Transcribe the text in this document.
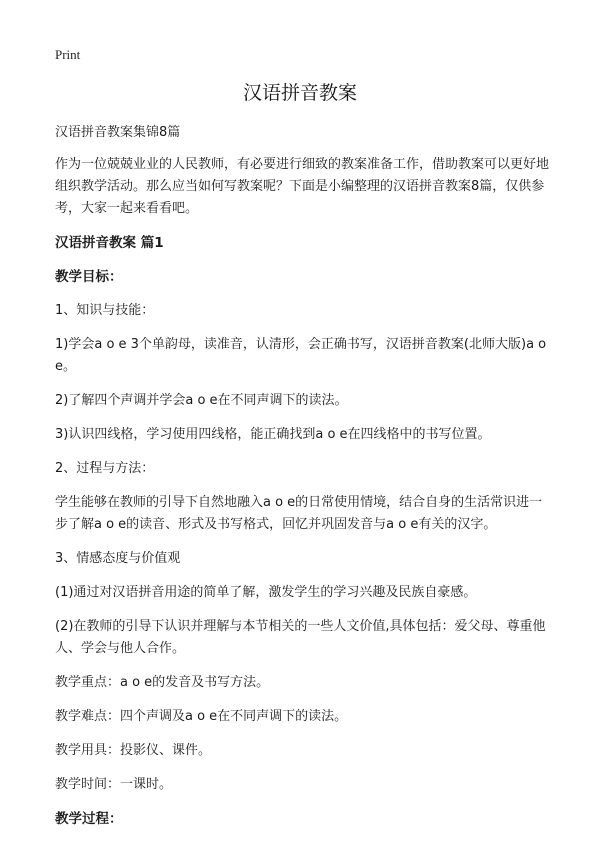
Print
汉语拼音教案

汉语拼音教案集锦8篇

作为一位兢兢业业的人民教师，有必要进行细致的教案准备工作，借助教案可以更好地组织教学活动。那么应当如何写教案呢？下面是小编整理的汉语拼音教案8篇，仅供参考，大家一起来看看吧。

汉语拼音教案 篇1

教学目标：

1、知识与技能：

1)学会a o e 3个单韵母，读准音，认清形，会正确书写，汉语拼音教案(北师大版)a o e。

2)了解四个声调并学会a o e在不同声调下的读法。

3)认识四线格，学习使用四线格，能正确找到a o e在四线格中的书写位置。

2、过程与方法：

学生能够在教师的引导下自然地融入a o e的日常使用情境，结合自身的生活常识进一步了解a o e的读音、形式及书写格式，回忆并巩固发音与a o e有关的汉字。

3、情感态度与价值观

(1)通过对汉语拼音用途的简单了解，激发学生的学习兴趣及民族自豪感。

(2)在教师的引导下认识并理解与本节相关的一些人文价值,具体包括：爱父母、尊重他人、学会与他人合作。

教学重点：a o e的发音及书写方法。

教学难点：四个声调及a o e在不同声调下的读法。

教学用具：投影仪、课件。

教学时间：一课时。

教学过程：
